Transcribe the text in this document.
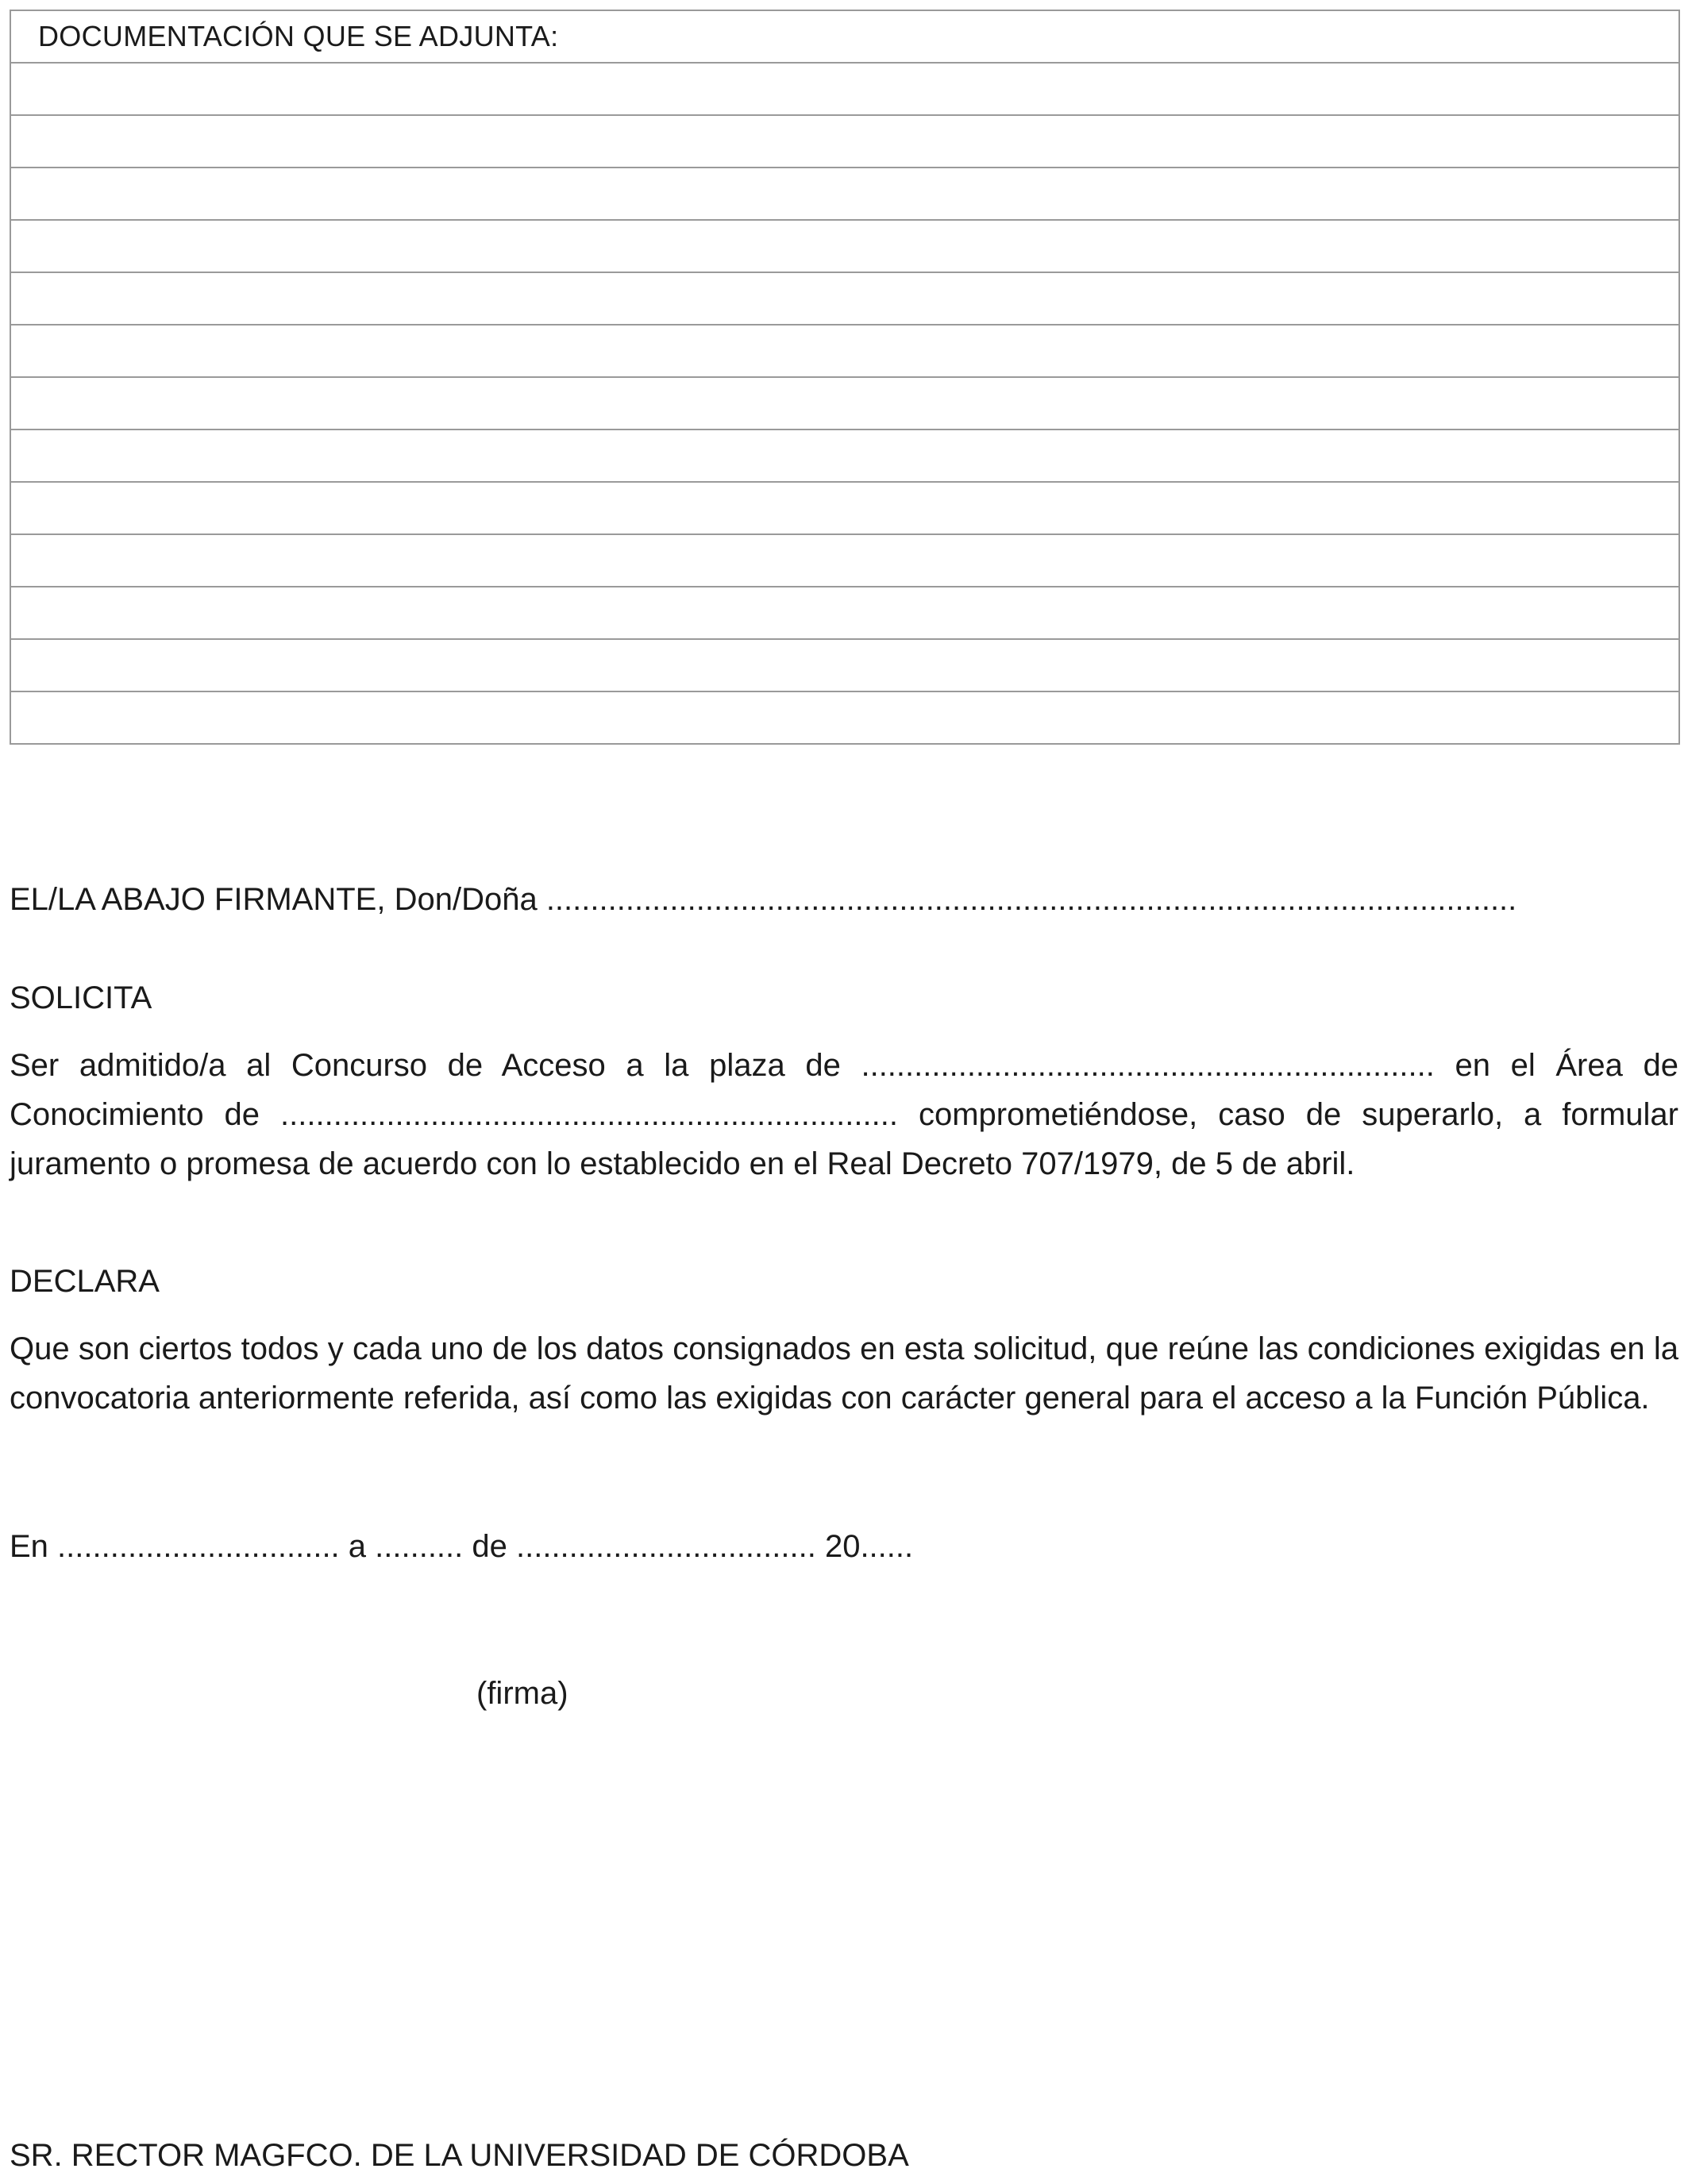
DOCUMENTACIÓN QUE SE ADJUNTA:

EL/LA ABAJO FIRMANTE, Don/Doña ..............................................................................................................
SOLICITA
Ser admitido/a al Concurso de Acceso a la plaza de ................................................................. en el Área de Conocimiento de ...................................................................... comprometiéndose, caso de superarlo, a formular juramento o promesa de acuerdo con lo establecido en el Real Decreto 707/1979, de 5 de abril.
DECLARA
Que son ciertos todos y cada uno de los datos consignados en esta solicitud, que reúne las condiciones exigidas en la convocatoria anteriormente referida, así como las exigidas con carácter general para el acceso a la Función Pública.
En ................................ a .......... de .................................. 20......
(firma)
SR. RECTOR MAGFCO. DE LA UNIVERSIDAD DE CÓRDOBA
